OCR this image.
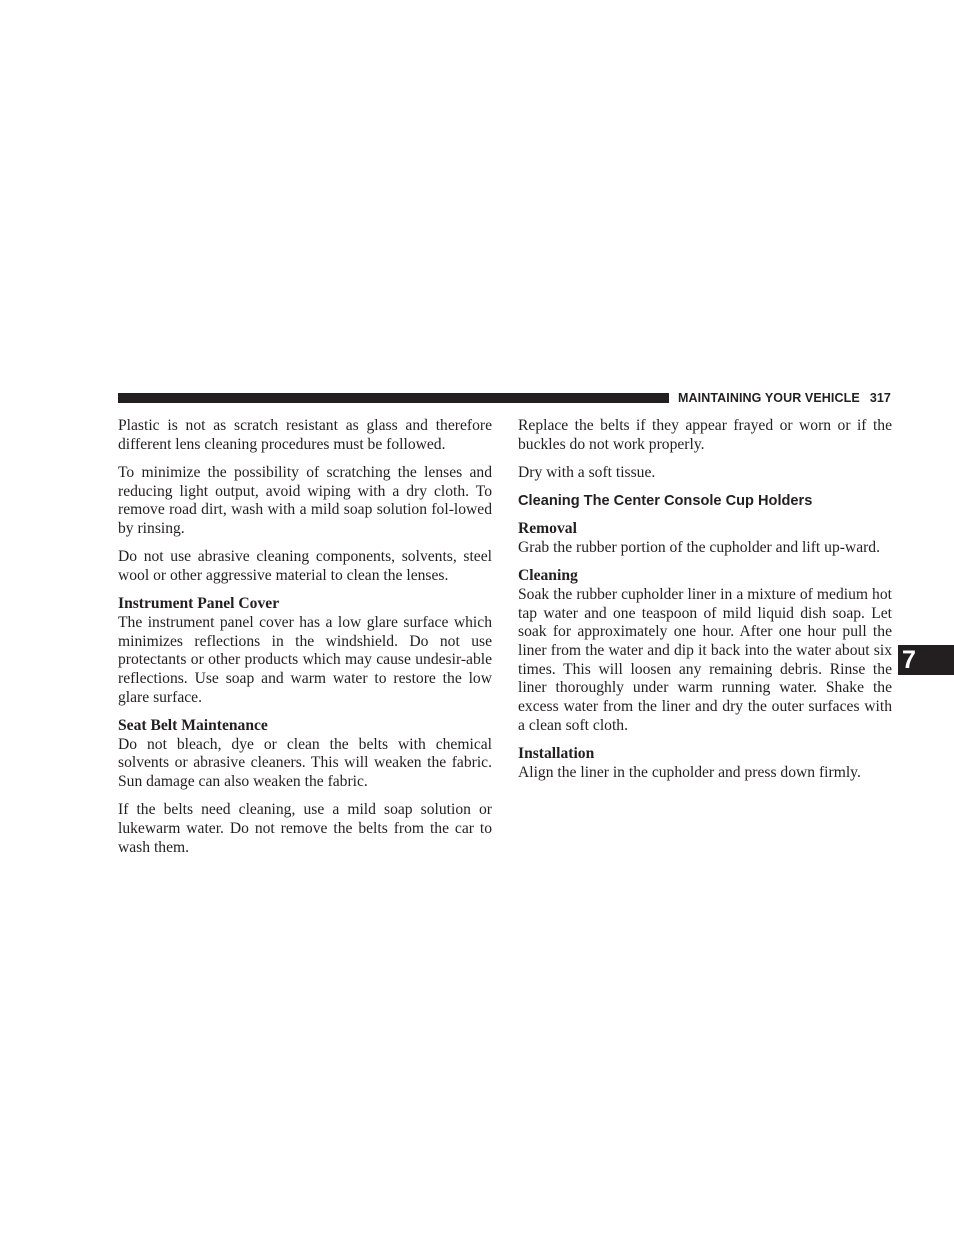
MAINTAINING YOUR VEHICLE 317
7

Plastic is not as scratch resistant as glass and therefore different lens cleaning procedures must be followed.

To minimize the possibility of scratching the lenses and reducing light output, avoid wiping with a dry cloth. To remove road dirt, wash with a mild soap solution fol-lowed by rinsing.

Do not use abrasive cleaning components, solvents, steel wool or other aggressive material to clean the lenses.

Instrument Panel Cover
The instrument panel cover has a low glare surface which minimizes reflections in the windshield. Do not use protectants or other products which may cause undesir-able reflections. Use soap and warm water to restore the low glare surface.

Seat Belt Maintenance
Do not bleach, dye or clean the belts with chemical solvents or abrasive cleaners. This will weaken the fabric. Sun damage can also weaken the fabric.

If the belts need cleaning, use a mild soap solution or lukewarm water. Do not remove the belts from the car to wash them.

Replace the belts if they appear frayed or worn or if the buckles do not work properly.

Dry with a soft tissue.

Cleaning The Center Console Cup Holders

Removal
Grab the rubber portion of the cupholder and lift up-ward.

Cleaning
Soak the rubber cupholder liner in a mixture of medium hot tap water and one teaspoon of mild liquid dish soap. Let soak for approximately one hour. After one hour pull the liner from the water and dip it back into the water about six times. This will loosen any remaining debris. Rinse the liner thoroughly under warm running water. Shake the excess water from the liner and dry the outer surfaces with a clean soft cloth.

Installation
Align the liner in the cupholder and press down firmly.
